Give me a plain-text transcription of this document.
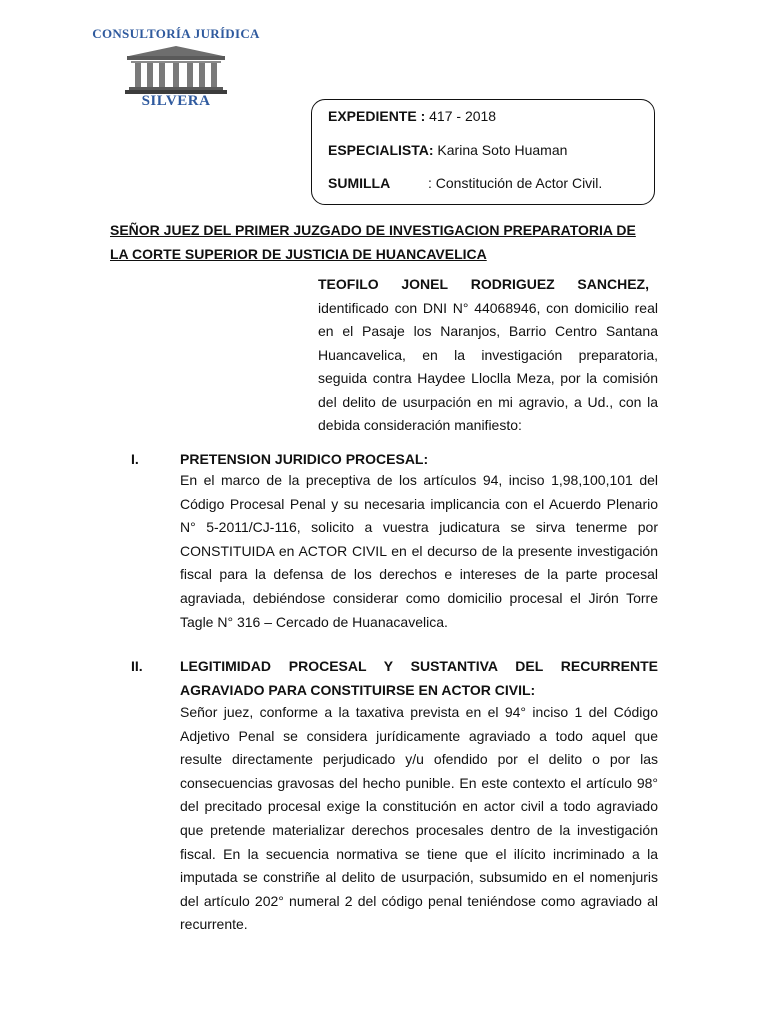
CONSULTORÍA JURÍDICA
SILVERA
EXPEDIENTE : 417 - 2018
ESPECIALISTA: Karina Soto Huaman
SUMILLA	: Constitución de Actor Civil.
SEÑOR JUEZ DEL PRIMER JUZGADO DE INVESTIGACION PREPARATORIA DE LA CORTE SUPERIOR DE JUSTICIA DE HUANCAVELICA
TEOFILO JONEL RODRIGUEZ SANCHEZ,
identificado con DNI N° 44068946, con domicilio real en el Pasaje los Naranjos, Barrio Centro Santana Huancavelica, en la investigación preparatoria, seguida contra Haydee Lloclla Meza, por la comisión del delito de usurpación en mi agravio, a Ud., con la debida consideración manifiesto:
I.	PRETENSION JURIDICO PROCESAL:
En el marco de la preceptiva de los artículos 94, inciso 1,98,100,101 del Código Procesal Penal y su necesaria implicancia con el Acuerdo Plenario N° 5-2011/CJ-116, solicito a vuestra judicatura se sirva tenerme por CONSTITUIDA en ACTOR CIVIL en el decurso de la presente investigación fiscal para la defensa de los derechos e intereses de la parte procesal agraviada, debiéndose considerar como domicilio procesal el Jirón Torre Tagle N° 316 – Cercado de Huanacavelica.
II.	LEGITIMIDAD PROCESAL Y SUSTANTIVA DEL RECURRENTE AGRAVIADO PARA CONSTITUIRSE EN ACTOR CIVIL:
Señor juez, conforme a la taxativa prevista en el 94° inciso 1 del Código Adjetivo Penal se considera jurídicamente agraviado a todo aquel que resulte directamente perjudicado y/u ofendido por el delito o por las consecuencias gravosas del hecho punible. En este contexto el artículo 98° del precitado procesal exige la constitución en actor civil a todo agraviado que pretende materializar derechos procesales dentro de la investigación fiscal. En la secuencia normativa se tiene que el ilícito incriminado a la imputada se constriñe al delito de usurpación, subsumido en el nomenjuris del artículo 202° numeral 2 del código penal teniéndose como agraviado al recurrente.
